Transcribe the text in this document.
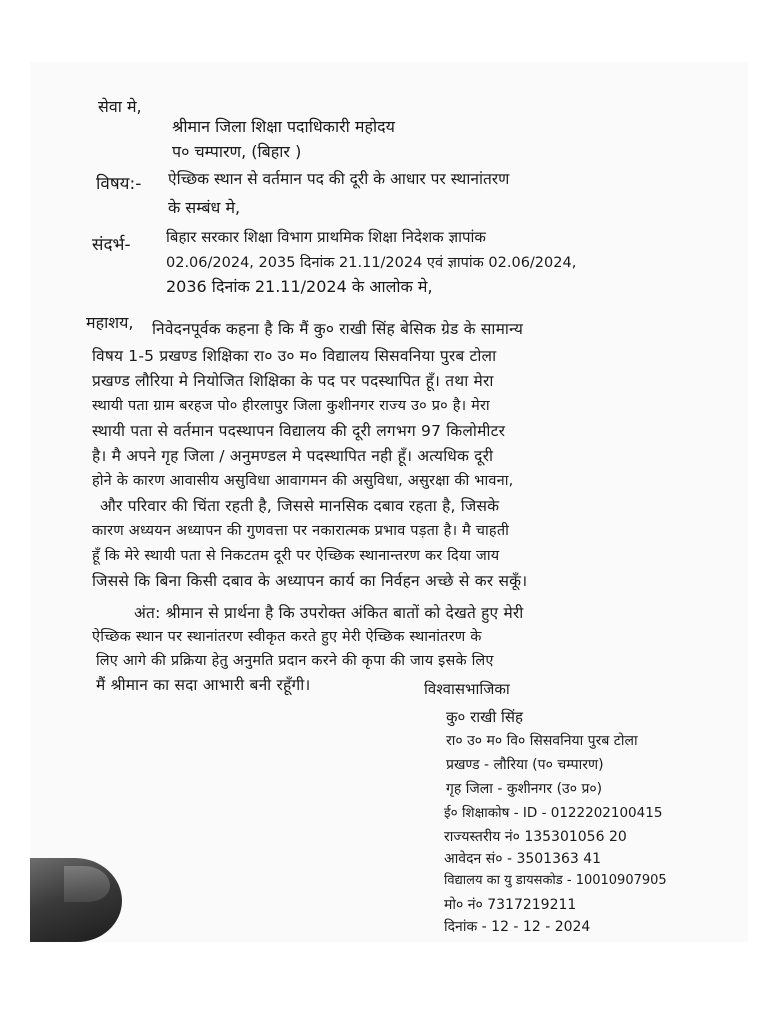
सेवा मे,
श्रीमान जिला शिक्षा पदाधिकारी महोदय
प० चम्पारण, (बिहार )
विषय:- ऐच्छिक स्थान से वर्तमान पद की दूरी के आधार पर स्थानांतरण
के सम्बंध मे,
संदर्भ- बिहार सरकार शिक्षा विभाग प्राथमिक शिक्षा निदेशक ज्ञापांक
02.06/2024, 2035 दिनांक 21.11/2024 एवं ज्ञापांक 02.06/2024,
2036 दिनांक 21.11/2024 के आलोक मे,
महाशय, निवेदनपूर्वक कहना है कि मैं कु० राखी सिंह बेसिक ग्रेड के सामान्य
विषय 1-5 प्रखण्ड शिक्षिका रा० उ० म० विद्यालय सिसवनिया पुरब टोला
प्रखण्ड लौरिया मे नियोजित शिक्षिका के पद पर पदस्थापित हूँ। तथा मेरा
स्थायी पता ग्राम बरहज पो० हीरलापुर जिला कुशीनगर राज्य उ० प्र० है। मेरा
स्थायी पता से वर्तमान पदस्थापन विद्यालय की दूरी लगभग 97 किलोमीटर
है। मै अपने गृह जिला / अनुमण्डल मे पदस्थापित नही हूँ। अत्यधिक दूरी
होने के कारण आवासीय असुविधा आवागमन की असुविधा, असुरक्षा की भावना,
और परिवार की चिंता रहती है, जिससे मानसिक दबाव रहता है, जिसके
कारण अध्ययन अध्यापन की गुणवत्ता पर नकारात्मक प्रभाव पड़ता है। मै चाहती
हूँ कि मेरे स्थायी पता से निकटतम दूरी पर ऐच्छिक स्थानान्तरण कर दिया जाय
जिससे कि बिना किसी दबाव के अध्यापन कार्य का निर्वहन अच्छे से कर सकूँ।
अंत: श्रीमान से प्रार्थना है कि उपरोक्त अंकित बातों को देखते हुए मेरी
ऐच्छिक स्थान पर स्थानांतरण स्वीकृत करते हुए मेरी ऐच्छिक स्थानांतरण के
लिए आगे की प्रक्रिया हेतु अनुमति प्रदान करने की कृपा की जाय इसके लिए
मैं श्रीमान का सदा आभारी बनी रहूँगी।	विश्वासभाजिका
कु० राखी सिंह
रा० उ० म० वि० सिसवनिया पुरब टोला
प्रखण्ड - लौरिया (प० चम्पारण)
गृह जिला - कुशीनगर (उ० प्र०)
ई० शिक्षाकोष - ID - 0122202100415
राज्यस्तरीय नं० 135301056 20
आवेदन सं० - 3501363 41
विद्यालय का यु डायसकोड - 10010907905
मो० नं० 7317219211
दिनांक - 12 - 12 - 2024
